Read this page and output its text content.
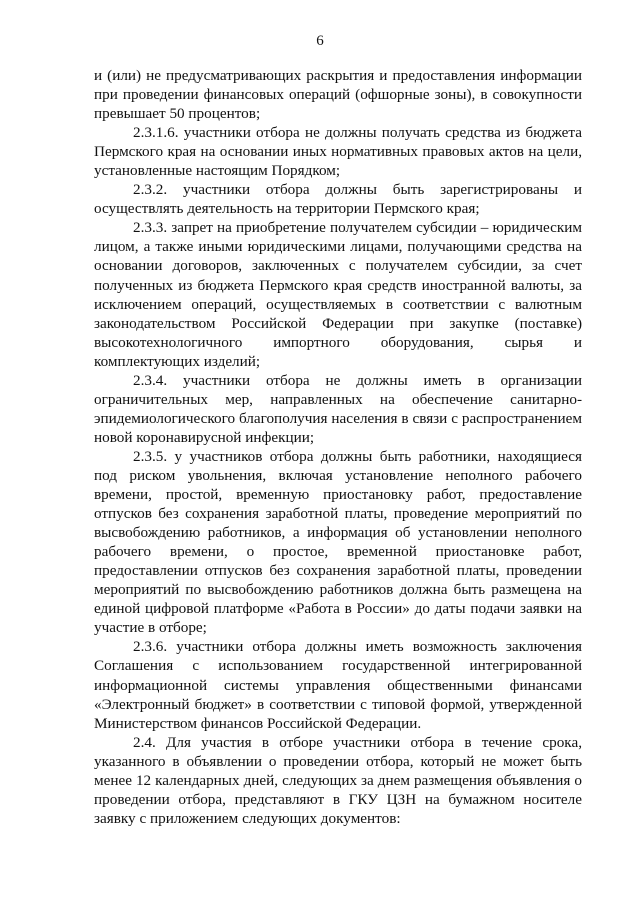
6

и (или) не предусматривающих раскрытия и предоставления информации при проведении финансовых операций (офшорные зоны), в совокупности превышает 50 процентов;

2.3.1.6. участники отбора не должны получать средства из бюджета Пермского края на основании иных нормативных правовых актов на цели, установленные настоящим Порядком;

2.3.2. участники отбора должны быть зарегистрированы и осуществлять деятельность на территории Пермского края;

2.3.3. запрет на приобретение получателем субсидии – юридическим лицом, а также иными юридическими лицами, получающими средства на основании договоров, заключенных с получателем субсидии, за счет полученных из бюджета Пермского края средств иностранной валюты, за исключением операций, осуществляемых в соответствии с валютным законодательством Российской Федерации при закупке (поставке) высокотехнологичного импортного оборудования, сырья и комплектующих изделий;

2.3.4. участники отбора не должны иметь в организации ограничительных мер, направленных на обеспечение санитарно-эпидемиологического благополучия населения в связи с распространением новой коронавирусной инфекции;

2.3.5. у участников отбора должны быть работники, находящиеся под риском увольнения, включая установление неполного рабочего времени, простой, временную приостановку работ, предоставление отпусков без сохранения заработной платы, проведение мероприятий по высвобождению работников, а информация об установлении неполного рабочего времени, о простое, временной приостановке работ, предоставлении отпусков без сохранения заработной платы, проведении мероприятий по высвобождению работников должна быть размещена на единой цифровой платформе «Работа в России» до даты подачи заявки на участие в отборе;

2.3.6. участники отбора должны иметь возможность заключения Соглашения с использованием государственной интегрированной информационной системы управления общественными финансами «Электронный бюджет» в соответствии с типовой формой, утвержденной Министерством финансов Российской Федерации.

2.4. Для участия в отборе участники отбора в течение срока, указанного в объявлении о проведении отбора, который не может быть менее 12 календарных дней, следующих за днем размещения объявления о проведении отбора, представляют в ГКУ ЦЗН на бумажном носителе заявку с приложением следующих документов:
